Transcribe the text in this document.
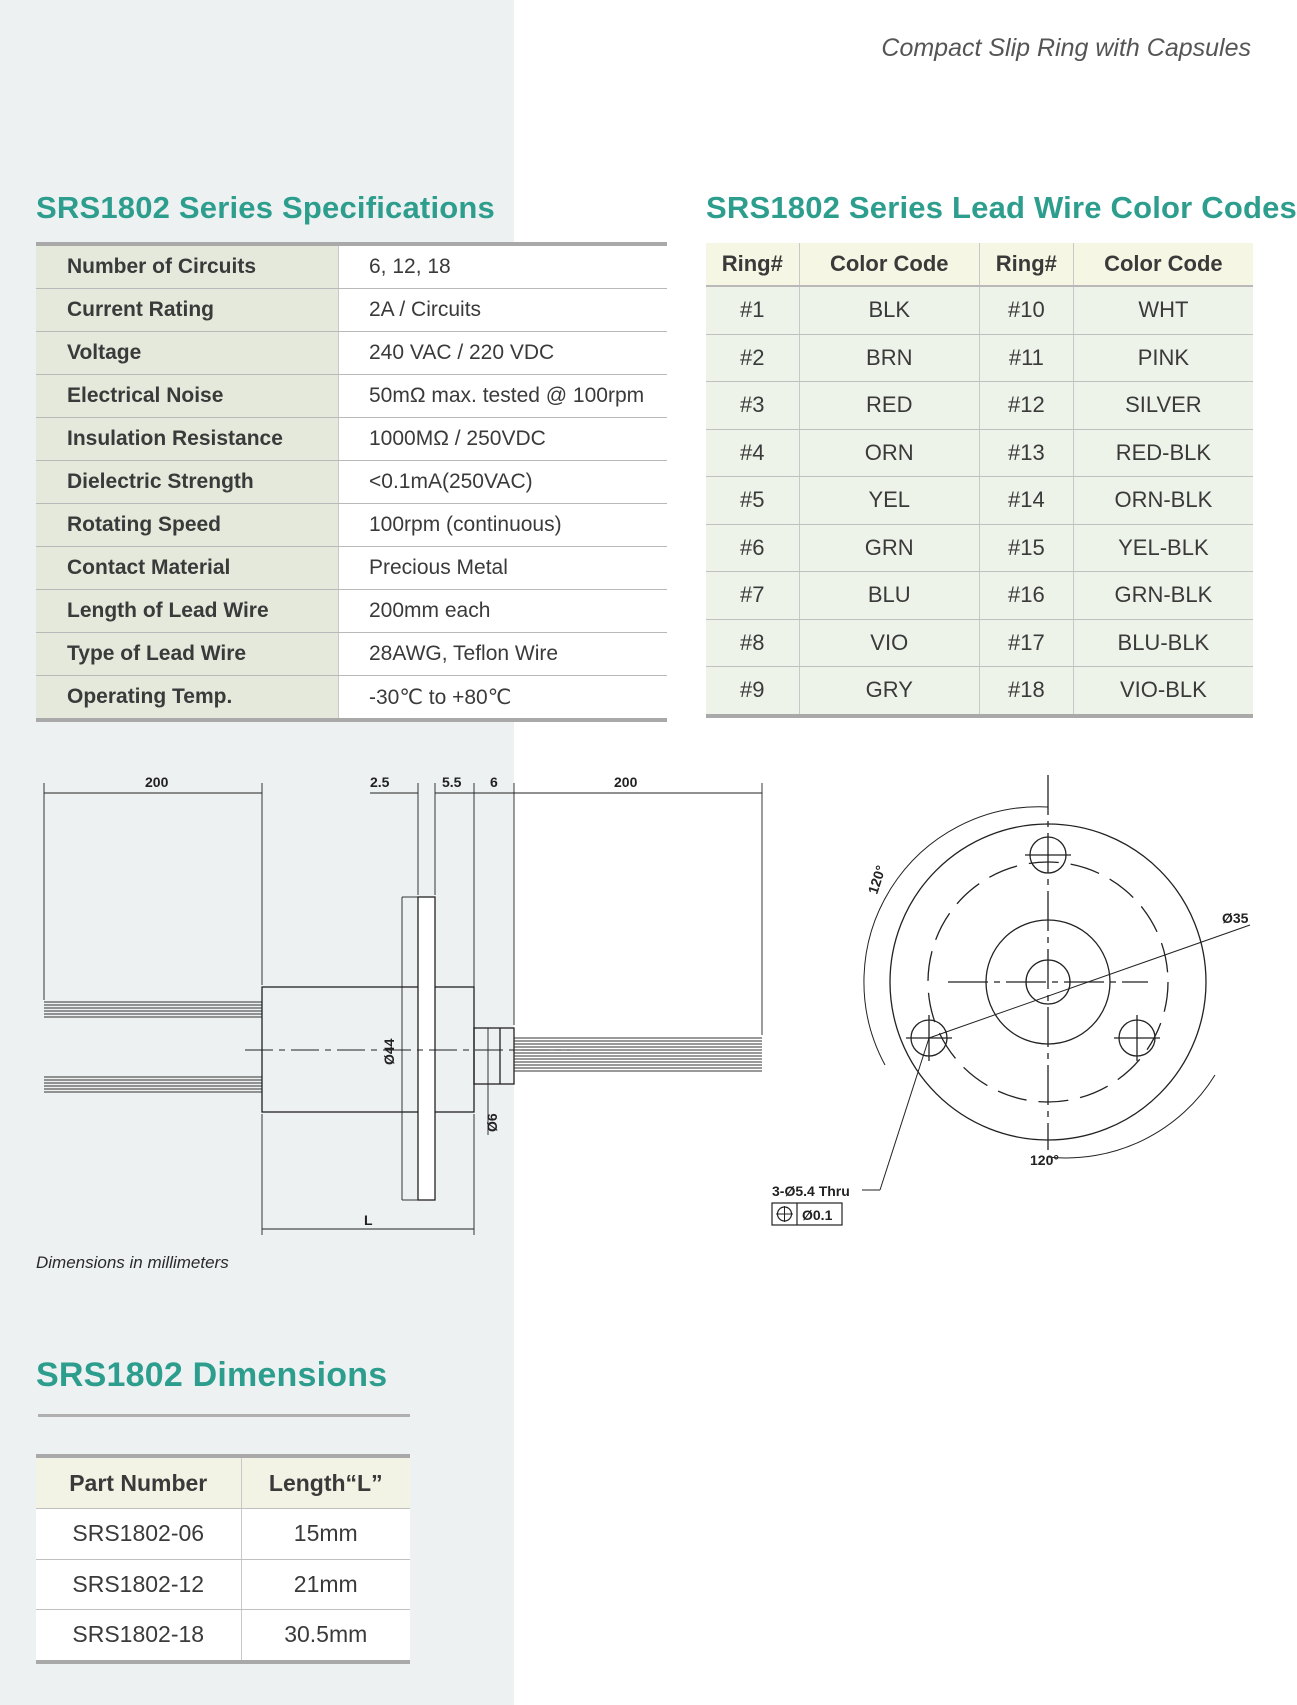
Compact Slip Ring with Capsules
SRS1802 Series Specifications
Number of Circuits	6, 12, 18
Current Rating	2A / Circuits
Voltage	240 VAC / 220 VDC
Electrical Noise	50mΩ max. tested @ 100rpm
Insulation Resistance	1000MΩ / 250VDC
Dielectric Strength	<0.1mA(250VAC)
Rotating Speed	100rpm (continuous)
Contact Material	Precious Metal
Length of Lead Wire	200mm each
Type of Lead Wire	28AWG, Teflon Wire
Operating Temp.	-30℃ to +80℃
SRS1802 Series Lead Wire Color Codes
Ring#	Color Code	Ring#	Color Code
#1	BLK	#10	WHT
#2	BRN	#11	PINK
#3	RED	#12	SILVER
#4	ORN	#13	RED-BLK
#5	YEL	#14	ORN-BLK
#6	GRN	#15	YEL-BLK
#7	BLU	#16	GRN-BLK
#8	VIO	#17	BLU-BLK
#9	GRY	#18	VIO-BLK
200	2.5	5.5 6	200
Ø44
Ø6
L
120°
120°
Ø35
3-Ø5.4 Thru
Ø0.1
Dimensions in millimeters
SRS1802 Dimensions
Part Number	Length“L”
SRS1802-06	15mm
SRS1802-12	21mm
SRS1802-18	30.5mm
